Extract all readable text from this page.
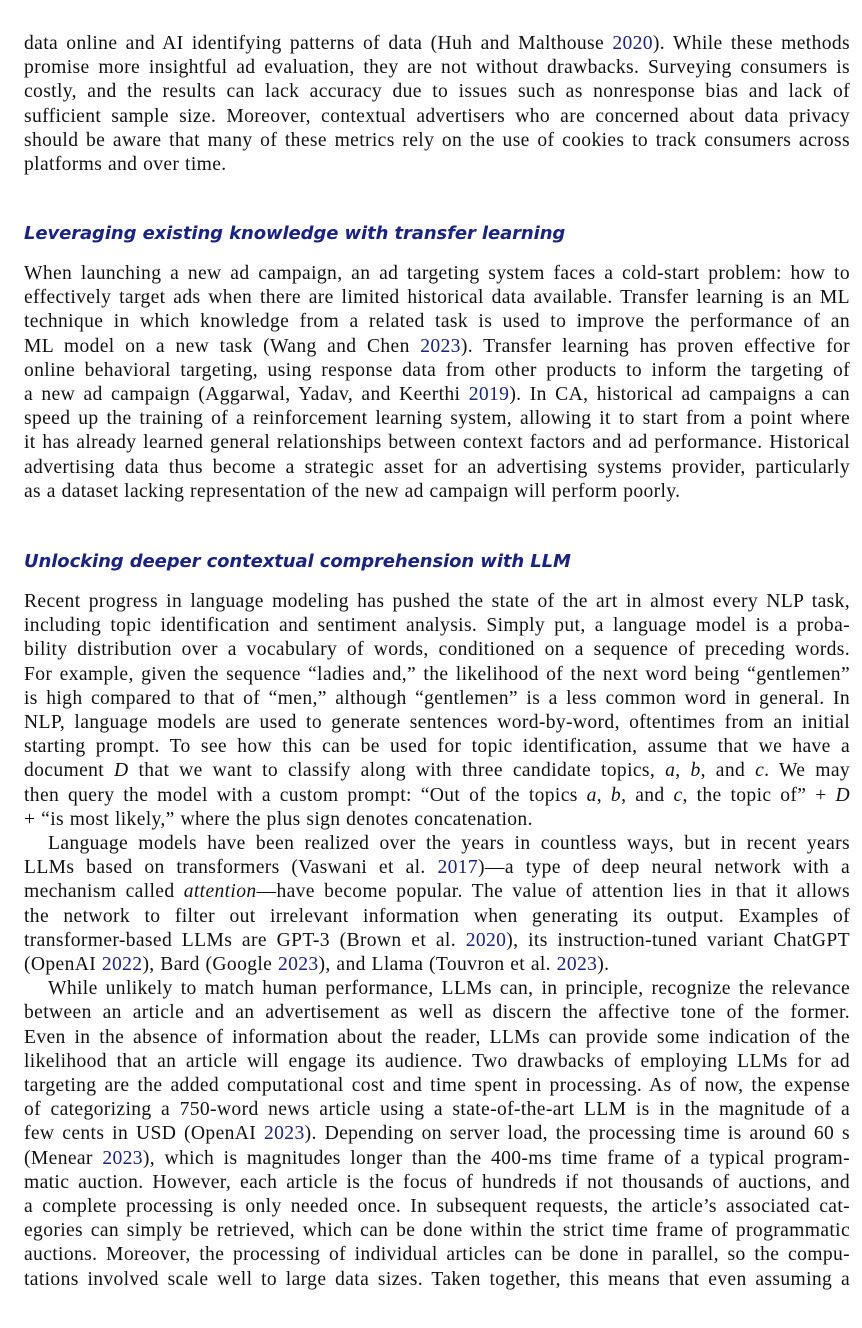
data online and AI identifying patterns of data (Huh and Malthouse 2020). While these methods
promise more insightful ad evaluation, they are not without drawbacks. Surveying consumers is
costly, and the results can lack accuracy due to issues such as nonresponse bias and lack of
sufficient sample size. Moreover, contextual advertisers who are concerned about data privacy
should be aware that many of these metrics rely on the use of cookies to track consumers across
platforms and over time.
Leveraging existing knowledge with transfer learning
When launching a new ad campaign, an ad targeting system faces a cold-start problem: how to
effectively target ads when there are limited historical data available. Transfer learning is an ML
technique in which knowledge from a related task is used to improve the performance of an
ML model on a new task (Wang and Chen 2023). Transfer learning has proven effective for
online behavioral targeting, using response data from other products to inform the targeting of
a new ad campaign (Aggarwal, Yadav, and Keerthi 2019). In CA, historical ad campaigns a can
speed up the training of a reinforcement learning system, allowing it to start from a point where
it has already learned general relationships between context factors and ad performance. Historical
advertising data thus become a strategic asset for an advertising systems provider, particularly
as a dataset lacking representation of the new ad campaign will perform poorly.
Unlocking deeper contextual comprehension with LLM
Recent progress in language modeling has pushed the state of the art in almost every NLP task,
including topic identification and sentiment analysis. Simply put, a language model is a proba-
bility distribution over a vocabulary of words, conditioned on a sequence of preceding words.
For example, given the sequence “ladies and,” the likelihood of the next word being “gentlemen”
is high compared to that of “men,” although “gentlemen” is a less common word in general. In
NLP, language models are used to generate sentences word-by-word, oftentimes from an initial
starting prompt. To see how this can be used for topic identification, assume that we have a
document D that we want to classify along with three candidate topics, a, b, and c. We may
then query the model with a custom prompt: “Out of the topics a, b, and c, the topic of” + D
+ “is most likely,” where the plus sign denotes concatenation.
Language models have been realized over the years in countless ways, but in recent years
LLMs based on transformers (Vaswani et al. 2017)—a type of deep neural network with a
mechanism called attention—have become popular. The value of attention lies in that it allows
the network to filter out irrelevant information when generating its output. Examples of
transformer-based LLMs are GPT-3 (Brown et al. 2020), its instruction-tuned variant ChatGPT
(OpenAI 2022), Bard (Google 2023), and Llama (Touvron et al. 2023).
While unlikely to match human performance, LLMs can, in principle, recognize the relevance
between an article and an advertisement as well as discern the affective tone of the former.
Even in the absence of information about the reader, LLMs can provide some indication of the
likelihood that an article will engage its audience. Two drawbacks of employing LLMs for ad
targeting are the added computational cost and time spent in processing. As of now, the expense
of categorizing a 750-word news article using a state-of-the-art LLM is in the magnitude of a
few cents in USD (OpenAI 2023). Depending on server load, the processing time is around 60 s
(Menear 2023), which is magnitudes longer than the 400-ms time frame of a typical program-
matic auction. However, each article is the focus of hundreds if not thousands of auctions, and
a complete processing is only needed once. In subsequent requests, the article’s associated cat-
egories can simply be retrieved, which can be done within the strict time frame of programmatic
auctions. Moreover, the processing of individual articles can be done in parallel, so the compu-
tations involved scale well to large data sizes. Taken together, this means that even assuming a
